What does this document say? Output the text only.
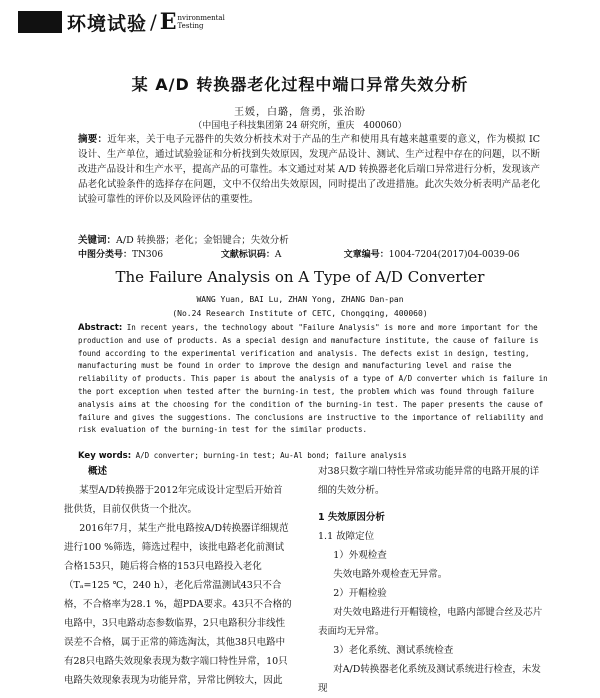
环境试验 / E nvironmental
Testing
某 A/D 转换器老化过程中端口异常失效分析
王媛，白璐，詹勇，张治盼
（中国电子科技集团第 24 研究所，重庆　400060）

摘要：近年来，关于电子元器件的失效分析技术对于产品的生产和使用具有越来越重要的意义，作为模拟 IC 设计、生产单位，通过试验验证和分析找到失效原因，发现产品设计、测试、生产过程中存在的问题，以不断改进产品设计和生产水平，提高产品的可靠性。本文通过对某 A/D 转换器老化后端口异常进行分析，发现该产品老化试验条件的选择存在问题，文中不仅给出失效原因，同时提出了改进措施。此次失效分析表明产品老化试验可靠性的评价以及风险评估的重要性。

关键词：A/D 转换器；老化；金铝键合；失效分析
中图分类号：TN306	文献标识码：A	文章编号：1004-7204(2017)04-0039-06
The Failure Analysis on A Type of A/D Converter
WANG Yuan, BAI Lu, ZHAN Yong, ZHANG Dan-pan
(No.24 Research Institute of CETC, Chongqing, 400060)

Abstract: In recent years, the technology about "Failure Analysis" is more and more important for the production and use of products. As a special design and manufacture institute, the cause of failure is found according to the experimental verification and analysis. The defects exist in design, testing, manufacturing must be found in order to improve the design and manufacturing level and raise the reliability of products. This paper is about the analysis of a type of A/D converter which is failure in the port exception when tested after the burning-in test, the problem which was found through failure analysis aims at the choosing for the condition of the burning-in test. The paper presents the cause of failure and gives the suggestions. The conclusions are instructive to the importance of reliability and risk evaluation of the burning-in test for the similar products.

Key words: A/D converter; burning-in test; Au-Al bond; failure analysis

概述

某型A/D转换器于2012年完成设计定型后开始首批供货，目前仅供货一个批次。

2016年7月，某生产批电路按A/D转换器详细规范进行100 %筛选，筛选过程中，该批电路老化前测试合格153只，随后将合格的153只电路投入老化（Tₐ=125 ℃，240 h），老化后常温测试43只不合格，不合格率为28.1 %，超PDA要求。43只不合格的电路中，3只电路动态参数临界，2只电路积分非线性误差不合格，属于正常的筛选淘汰，其他38只电路中有28只电路失效现象表现为数字端口特性异常，10只电路失效现象表现为功能异常，异常比例较大，因此

对38只数字端口特性异常或功能异常的电路开展的详细的失效分析。

1 失效原因分析

1.1 故障定位

1）外观检查

失效电路外观检查无异常。

2）开帽检验

对失效电路进行开帽镜检，电路内部键合丝及芯片表面均无异常。

3）老化系统、测试系统检查

对A/D转换器老化系统及测试系统进行检查，未发现
